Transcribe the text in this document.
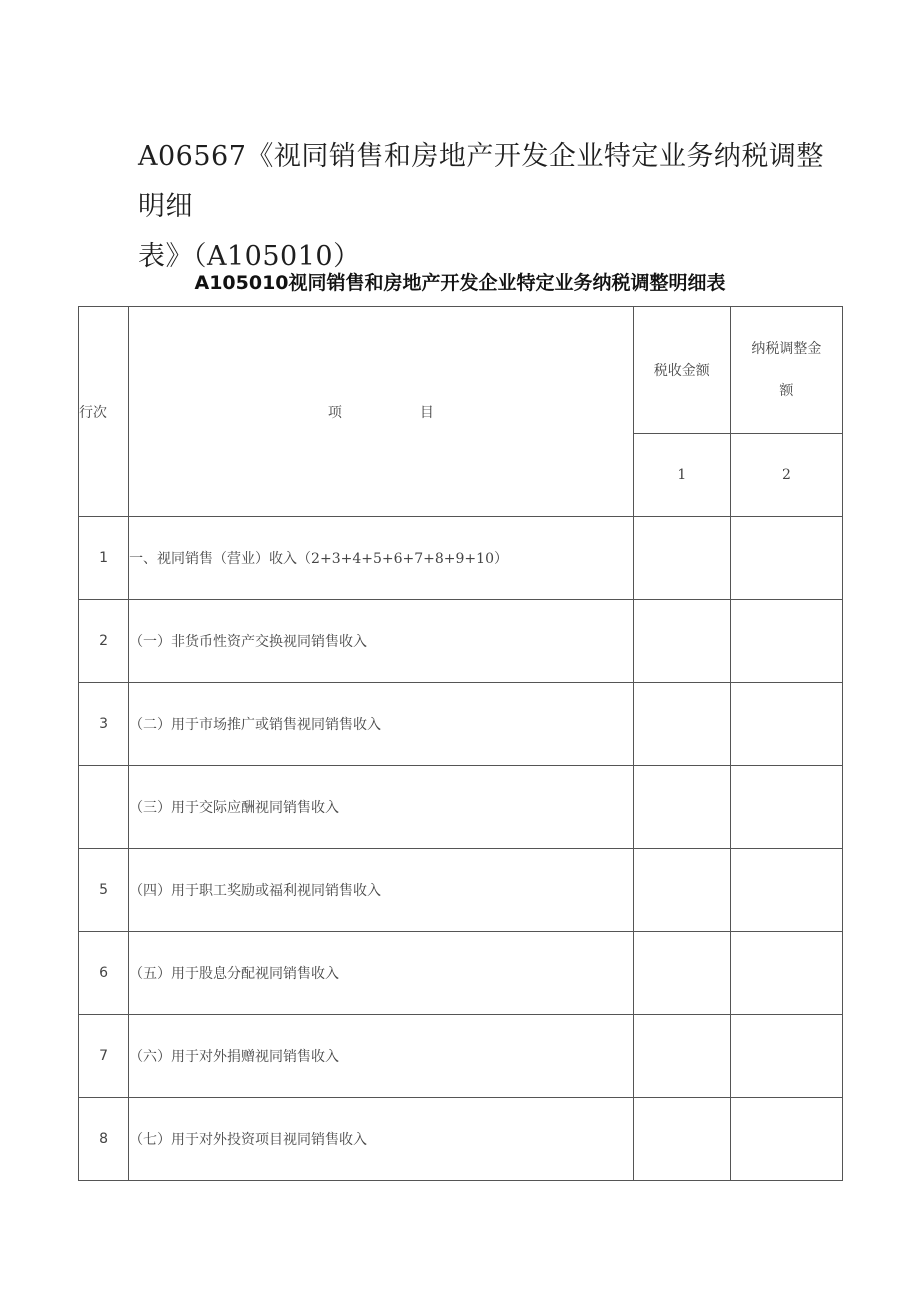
A06567《视同销售和房地产开发企业特定业务纳税调整明细
表》（A105010）
A105010视同销售和房地产开发企业特定业务纳税调整明细表
行次	项 目	税收金额	纳税调整金
额
		1	2
1	一、视同销售（营业）收入（2+3+4+5+6+7+8+9+10）		
2	（一）非货币性资产交换视同销售收入		
3	（二）用于市场推广或销售视同销售收入		
	（三）用于交际应酬视同销售收入		
5	（四）用于职工奖励或福利视同销售收入		
6	（五）用于股息分配视同销售收入		
7	（六）用于对外捐赠视同销售收入		
8	（七）用于对外投资项目视同销售收入		
